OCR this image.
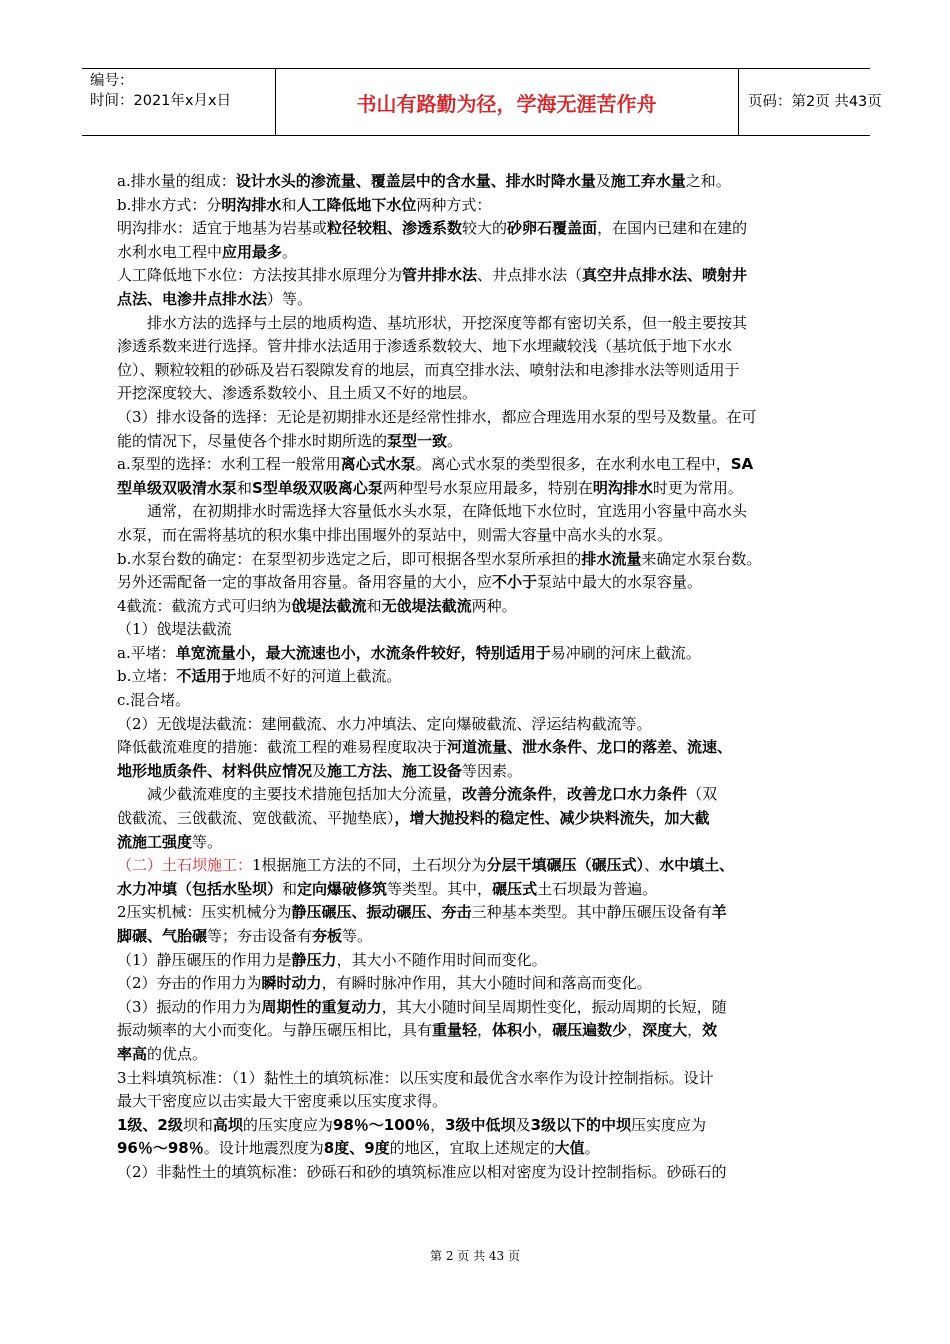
编号：
时间：2021年x月x日	书山有路勤为径，学海无涯苦作舟	页码：第2页 共43页

a.排水量的组成：设计水头的渗流量、覆盖层中的含水量、排水时降水量及施工弃水量之和。

b.排水方式：分明沟排水和人工降低地下水位两种方式：

明沟排水：适宜于地基为岩基或粒径较粗、渗透系数较大的砂卵石覆盖面，在国内已建和在建的

水利水电工程中应用最多。

人工降低地下水位：方法按其排水原理分为管井排水法、井点排水法（真空井点排水法、喷射井

点法、电渗井点排水法）等。

排水方法的选择与土层的地质构造、基坑形状，开挖深度等都有密切关系，但一般主要按其

渗透系数来进行选择。管井排水法适用于渗透系数较大、地下水埋藏较浅（基坑低于地下水水

位）、颗粒较粗的砂砾及岩石裂隙发育的地层，而真空排水法、喷射法和电渗排水法等则适用于

开挖深度较大、渗透系数较小、且土质又不好的地层。

（3）排水设备的选择：无论是初期排水还是经常性排水，都应合理选用水泵的型号及数量。在可

能的情况下，尽量使各个排水时期所选的泵型一致。

a.泵型的选择：水利工程一般常用离心式水泵。离心式水泵的类型很多，在水利水电工程中，SA

型单级双吸清水泵和S型单级双吸离心泵两种型号水泵应用最多，特别在明沟排水时更为常用。

通常，在初期排水时需选择大容量低水头水泵，在降低地下水位时，宜选用小容量中高水头

水泵，而在需将基坑的积水集中排出围堰外的泵站中，则需大容量中高水头的水泵。

b.水泵台数的确定：在泵型初步选定之后，即可根据各型水泵所承担的排水流量来确定水泵台数。

另外还需配备一定的事故备用容量。备用容量的大小，应不小于泵站中最大的水泵容量。

4截流：截流方式可归纳为戗堤法截流和无戗堤法截流两种。

（1）戗堤法截流

a.平堵：单宽流量小，最大流速也小，水流条件较好，特别适用于易冲刷的河床上截流。

b.立堵：不适用于地质不好的河道上截流。

c.混合堵。

（2）无戗堤法截流：建闸截流、水力冲填法、定向爆破截流、浮运结构截流等。

降低截流难度的措施：截流工程的难易程度取决于河道流量、泄水条件、龙口的落差、流速、

地形地质条件、材料供应情况及施工方法、施工设备等因素。

减少截流难度的主要技术措施包括加大分流量，改善分流条件，改善龙口水力条件（双

戗截流、三戗截流、宽戗截流、平抛垫底），增大抛投料的稳定性、减少块料流失，加大截

流施工强度等。

（二）土石坝施工：1根据施工方法的不同，土石坝分为分层干填碾压（碾压式）、水中填土、

水力冲填（包括水坠坝）和定向爆破修筑等类型。其中，碾压式土石坝最为普遍。

2压实机械：压实机械分为静压碾压、振动碾压、夯击三种基本类型。其中静压碾压设备有羊

脚碾、气胎碾等；夯击设备有夯板等。

（1）静压碾压的作用力是静压力，其大小不随作用时间而变化。

（2）夯击的作用力为瞬时动力，有瞬时脉冲作用，其大小随时间和落高而变化。

（3）振动的作用力为周期性的重复动力，其大小随时间呈周期性变化，振动周期的长短，随

振动频率的大小而变化。与静压碾压相比，具有重量轻，体积小，碾压遍数少，深度大，效

率高的优点。

3土料填筑标准：（1）黏性土的填筑标准：以压实度和最优含水率作为设计控制指标。设计

最大干密度应以击实最大干密度乘以压实度求得。

1级、2级坝和高坝的压实度应为98％～100％，3级中低坝及3级以下的中坝压实度应为

96％～98％。设计地震烈度为8度、9度的地区，宜取上述规定的大值。

（2）非黏性土的填筑标准：砂砾石和砂的填筑标准应以相对密度为设计控制指标。砂砾石的

第 2 页 共 43 页
